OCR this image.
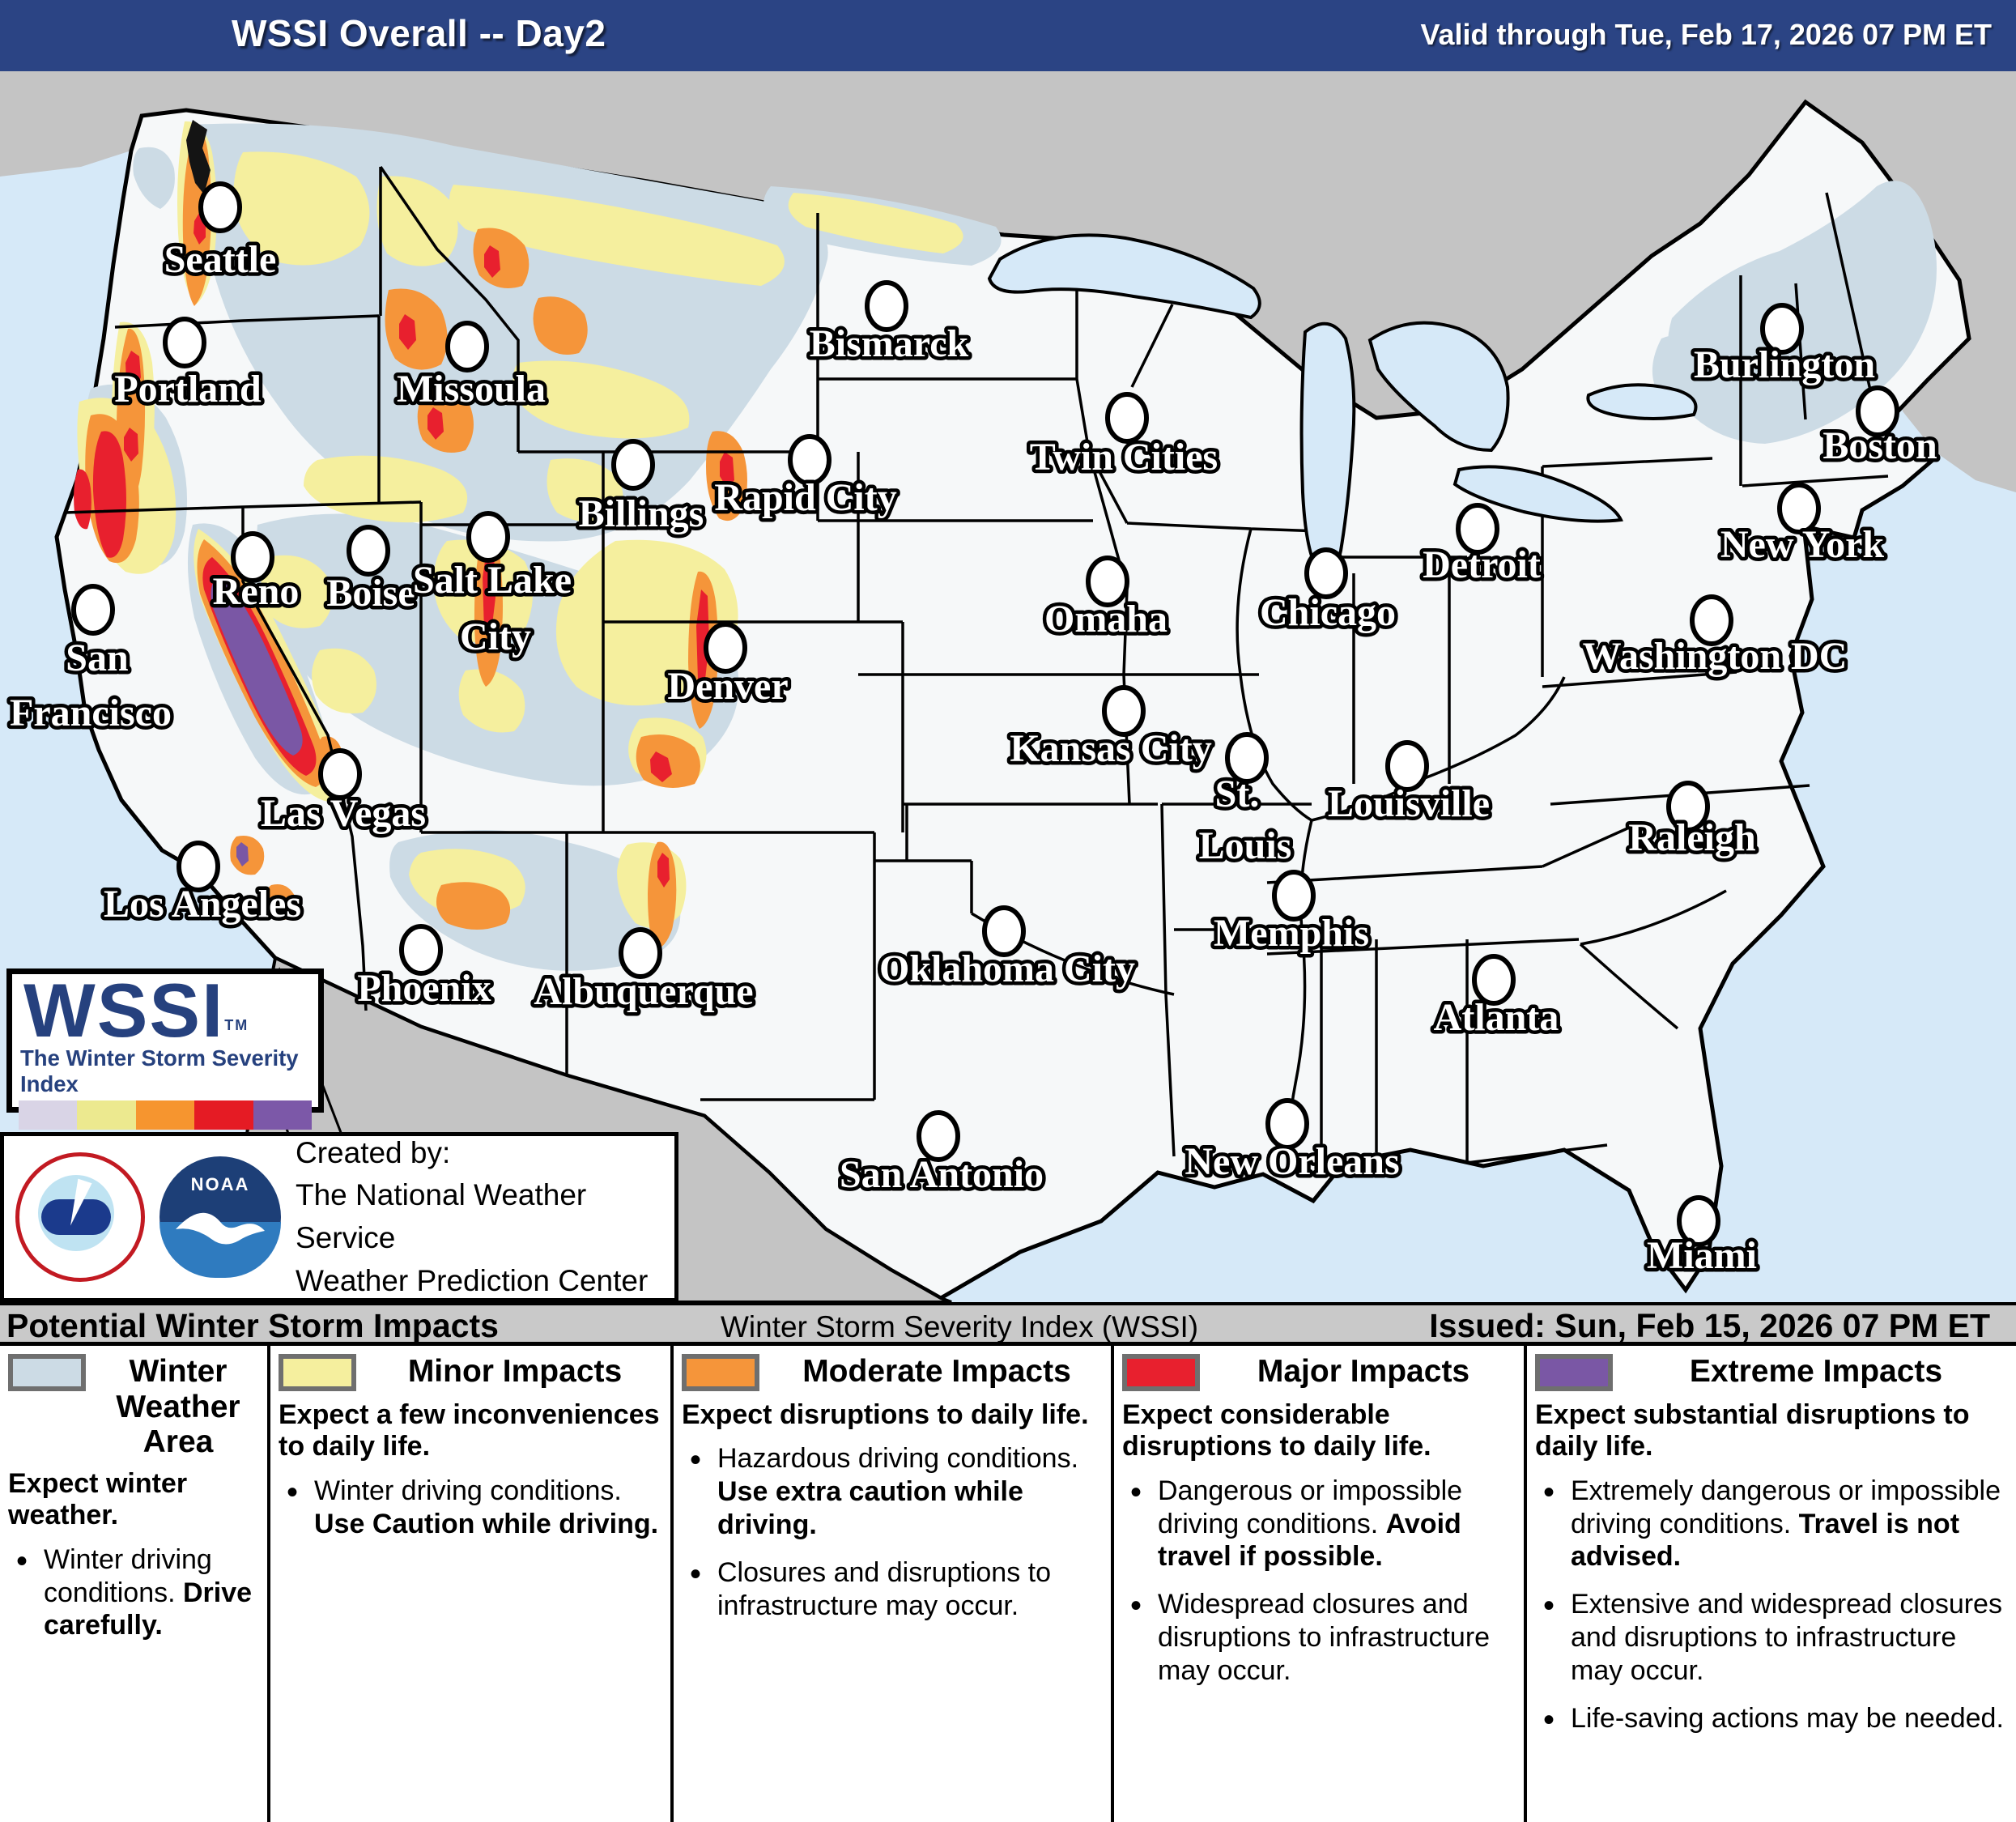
WSSI Overall -- Day2	Valid through Tue, Feb 17, 2026 07 PM ET
Seattle
Portland	Missoula
Billings
Boise
Bismarck
Rapid City
Twin Cities
Reno	Salt Lake
City
San
Francisco
Las Vegas
Los Angeles
Phoenix Albuquerque
Denver
Omaha
Kansas City
Oklahoma City
San Antonio
Chicago
St.
Louis
Memphis
New Orleans
Louisville
Detroit
Atlanta
Miami
Raleigh
Burlington
Boston
New York
Washington DC
WSSITM
The Winter Storm Severity Index
NOAA
Created by:
The National Weather Service
Weather Prediction Center
Potential Winter Storm Impacts	Winter Storm Severity Index (WSSI)	Issued: Sun, Feb 15, 2026 07 PM ET
Winter
Weather
Area
Expect winter weather.
• Winter driving conditions. Drive carefully.
Minor Impacts
Expect a few inconveniences to daily life.
• Winter driving conditions. Use Caution while driving.
Moderate Impacts
Expect disruptions to daily life.
• Hazardous driving conditions. Use extra caution while driving.
• Closures and disruptions to infrastructure may occur.
Major Impacts
Expect considerable disruptions to daily life.
• Dangerous or impossible driving conditions. Avoid travel if possible.
• Widespread closures and disruptions to infrastructure may occur.
Extreme Impacts
Expect substantial disruptions to daily life.
• Extremely dangerous or impossible driving conditions. Travel is not advised.
• Extensive and widespread closures and disruptions to infrastructure may occur.
• Life-saving actions may be needed.
